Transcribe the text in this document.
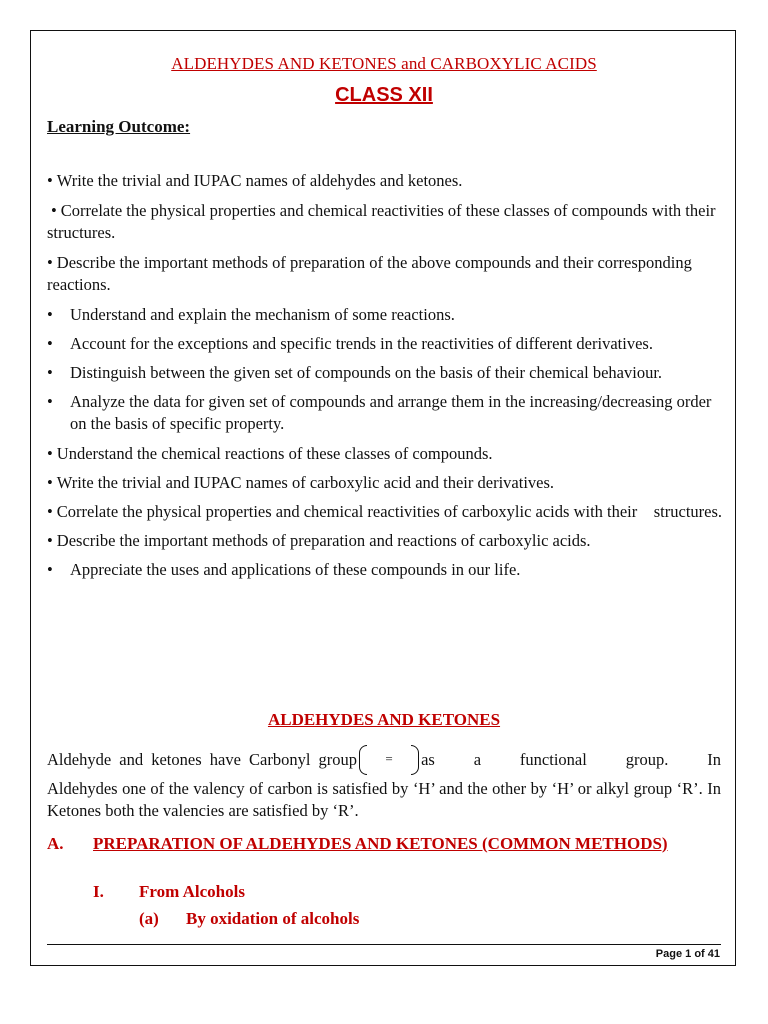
ALDEHYDES AND KETONES and CARBOXYLIC ACIDS
CLASS XII
Learning Outcome:
• Write the trivial and IUPAC names of aldehydes and ketones.
• Correlate the physical properties and chemical reactivities of these classes of compounds with their structures.
• Describe the important methods of preparation of the above compounds and their corresponding reactions.
• Understand and explain the mechanism of some reactions.
• Account for the exceptions and specific trends in the reactivities of different derivatives.
• Distinguish between the given set of compounds on the basis of their chemical behaviour.
• Analyze the data for given set of compounds and arrange them in the increasing/decreasing order on the basis of specific property.
• Understand the chemical reactions of these classes of compounds.
• Write the trivial and IUPAC names of carboxylic acid and their derivatives.
• Correlate the physical properties and chemical reactivities of carboxylic acids with their    structures.
• Describe the important methods of preparation and reactions of carboxylic acids.
• Appreciate the uses and applications of these compounds in our life.
ALDEHYDES AND KETONES
Aldehyde and ketones have Carbonyl group	=	as a functional group. In
Aldehydes one of the valency of carbon is satisfied by ‘H’ and the other by ‘H’ or alkyl group ‘R’. In Ketones both the valencies are satisfied by ‘R’.
A. PREPARATION OF ALDEHYDES AND KETONES (COMMON METHODS)
I. From Alcohols
(a) By oxidation of alcohols
Page 1 of 41
